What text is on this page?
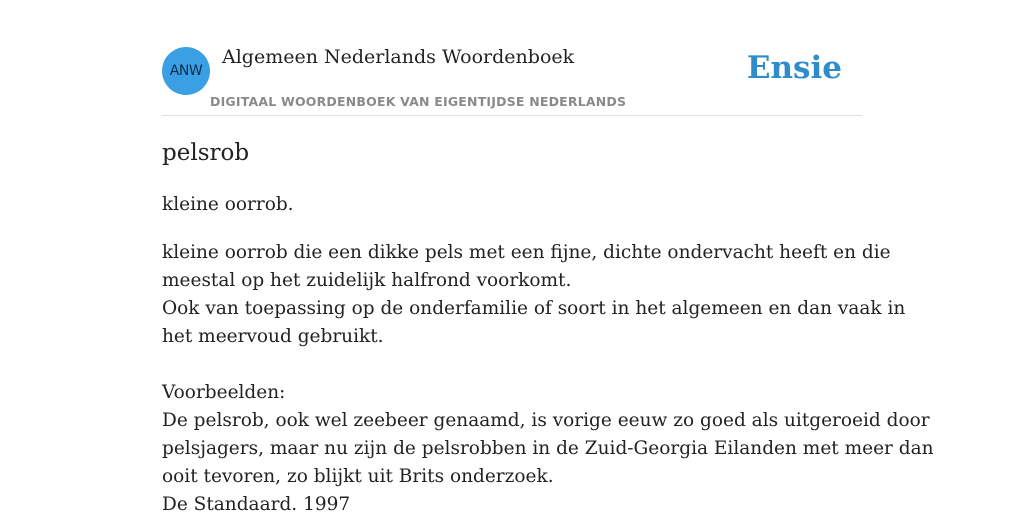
ANW
Algemeen Nederlands Woordenboek
DIGITAAL WOORDENBOEK VAN EIGENTIJDSE NEDERLANDS
Ensie
pelsrob
kleine oorrob.
kleine oorrob die een dikke pels met een fijne, dichte ondervacht heeft en die
meestal op het zuidelijk halfrond voorkomt.
Ook van toepassing op de onderfamilie of soort in het algemeen en dan vaak in
het meervoud gebruikt.
Voorbeelden:
De pelsrob, ook wel zeebeer genaamd, is vorige eeuw zo goed als uitgeroeid door
pelsjagers, maar nu zijn de pelsrobben in de Zuid-Georgia Eilanden met meer dan
ooit tevoren, zo blijkt uit Brits onderzoek.
De Standaard. 1997
